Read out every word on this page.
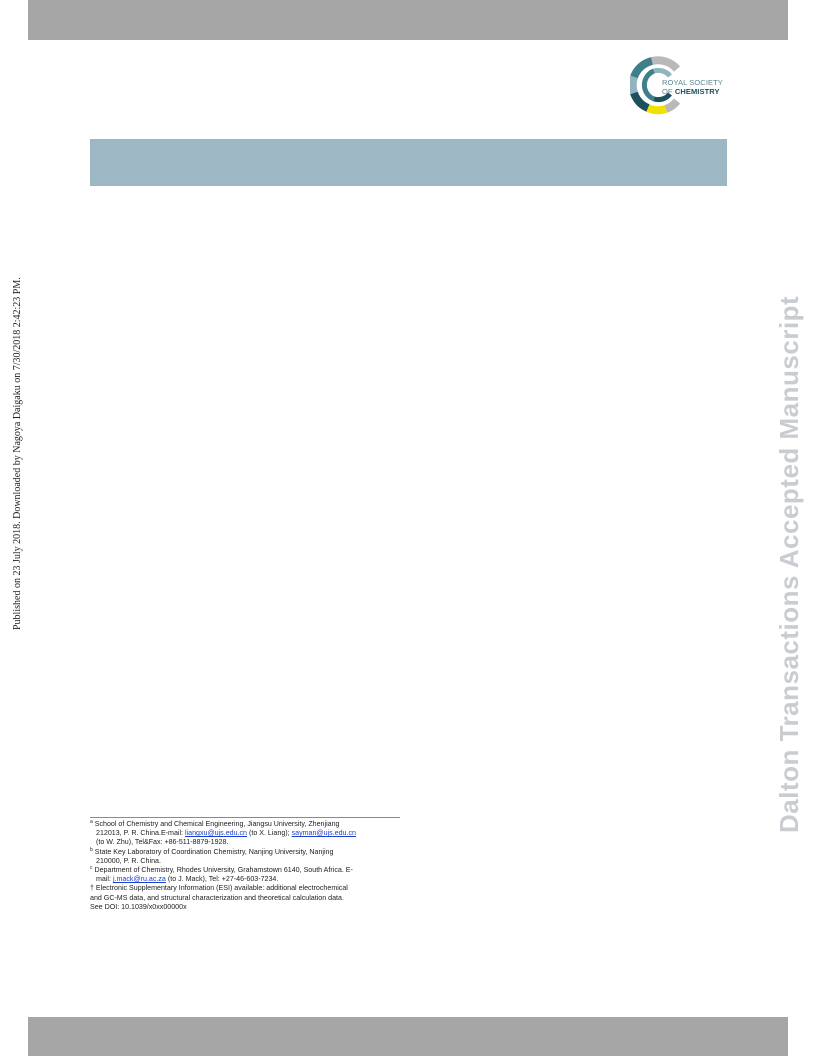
ROYAL SOCIETY
OF CHEMISTRY
Published on 23 July 2018. Downloaded by Nagoya Daigaku on 7/30/2018 2:42:23 PM.	Dalton Transactions Accepted Manuscript

$^a$ School of Chemistry and Chemical Engineering, Jiangsu University, Zhenjiang
212013, P. R. China.E-mail: liangxu@ujs.edu.cn (to X. Liang); sayman@ujs.edu.cn
(to W. Zhu), Tel&Fax: +86-511-8879-1928.

$^b$ State Key Laboratory of Coordination Chemistry, Nanjing University, Nanjing
210000, P. R. China.

$^c$ Department of Chemistry, Rhodes University, Grahamstown 6140, South Africa. E-
mail: j.mack@ru.ac.za (to J. Mack), Tel: +27-46-603-7234.

† Electronic Supplementary Information (ESI) available: additional electrochemical
and GC-MS data, and structural characterization and theoretical calculation data.
See DOI: 10.1039/x0xx00000x
